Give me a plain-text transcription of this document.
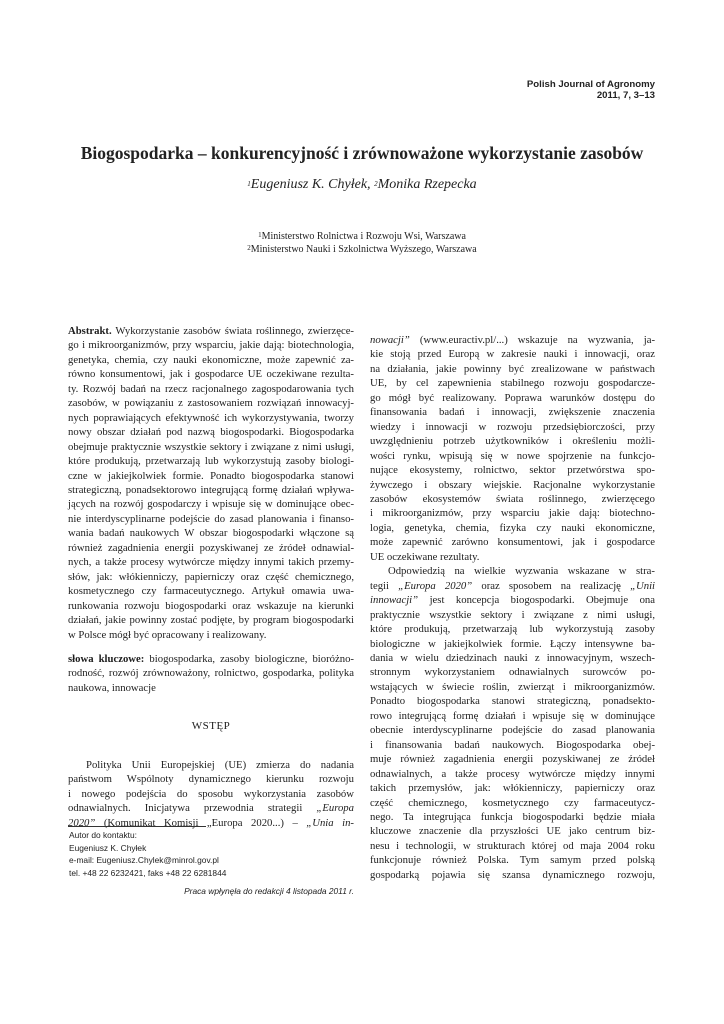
Polish Journal of Agronomy
2011, 7, 3–13
Biogospodarka – konkurencyjność i zrównoważone wykorzystanie zasobów
$^1$Eugeniusz K. Chyłek, $^2$Monika Rzepecka
$^1$Ministerstwo Rolnictwa i Rozwoju Wsi, Warszawa
$^2$Ministerstwo Nauki i Szkolnictwa Wyższego, Warszawa
Abstrakt. Wykorzystanie zasobów świata roślinnego, zwierzęce-
go i mikroorganizmów, przy wsparciu, jakie dają: biotechnologia,
genetyka, chemia, czy nauki ekonomiczne, może zapewnić za-
równo konsumentowi, jak i gospodarce UE oczekiwane rezulta-
ty. Rozwój badań na rzecz racjonalnego zagospodarowania tych
zasobów, w powiązaniu z zastosowaniem rozwiązań innowacyj-
nych poprawiających efektywność ich wykorzystywania, tworzy
nowy obszar działań pod nazwą biogospodarki. Biogospodarka
obejmuje praktycznie wszystkie sektory i związane z nimi usługi,
które produkują, przetwarzają lub wykorzystują zasoby biologi-
czne w jakiejkolwiek formie. Ponadto biogospodarka stanowi
strategiczną, ponadsektorowo integrującą formę działań wpływa-
jących na rozwój gospodarczy i wpisuje się w dominujące obec-
nie interdyscyplinarne podejście do zasad planowania i finanso-
wania badań naukowych W obszar biogospodarki włączone są
również zagadnienia energii pozyskiwanej ze źródeł odnawial-
nych, a także procesy wytwórcze między innymi takich przemy-
słów, jak: włókienniczy, papierniczy oraz część chemicznego,
kosmetycznego czy farmaceutycznego. Artykuł omawia uwa-
runkowania rozwoju biogospodarki oraz wskazuje na kierunki
działań, jakie powinny zostać podjęte, by program biogospodarki
w Polsce mógł być opracowany i realizowany.
słowa kluczowe: biogospodarka, zasoby biologiczne, bioróżno-
rodność, rozwój zrównoważony, rolnictwo, gospodarka, polityka
naukowa, innowacje
WSTĘP
Polityka Unii Europejskiej (UE) zmierza do nadania
państwom Wspólnoty dynamicznego kierunku rozwoju
i nowego podejścia do sposobu wykorzystania zasobów
odnawialnych. Inicjatywa przewodnia strategii „Europa
2020” (Komunikat Komisji „Europa 2020...) – „Unia in-
nowacji” (www.euractiv.pl/...) wskazuje na wyzwania, ja-
kie stoją przed Europą w zakresie nauki i innowacji, oraz
na działania, jakie powinny być zrealizowane w państwach
UE, by cel zapewnienia stabilnego rozwoju gospodarcze-
go mógł być realizowany. Poprawa warunków dostępu do
finansowania badań i innowacji, zwiększenie znaczenia
wiedzy i innowacji w rozwoju przedsiębiorczości, przy
uwzględnieniu potrzeb użytkowników i określeniu możli-
wości rynku, wpisują się w nowe spojrzenie na funkcjo-
nujące ekosystemy, rolnictwo, sektor przetwórstwa spo-
żywczego i obszary wiejskie. Racjonalne wykorzystanie
zasobów ekosystemów świata roślinnego, zwierzęcego
i mikroorganizmów, przy wsparciu jakie dają: biotechno-
logia, genetyka, chemia, fizyka czy nauki ekonomiczne,
może zapewnić zarówno konsumentowi, jak i gospodarce
UE oczekiwane rezultaty.
Odpowiedzią na wielkie wyzwania wskazane w stra-
tegii „Europa 2020” oraz sposobem na realizację „Unii
innowacji” jest koncepcja biogospodarki. Obejmuje ona
praktycznie wszystkie sektory i związane z nimi usługi,
które produkują, przetwarzają lub wykorzystują zasoby
biologiczne w jakiejkolwiek formie. Łączy intensywne ba-
dania w wielu dziedzinach nauki z innowacyjnym, wszech-
stronnym wykorzystaniem odnawialnych surowców po-
wstających w świecie roślin, zwierząt i mikroorganizmów.
Ponadto biogospodarka stanowi strategiczną, ponadsekto-
rowo integrującą formę działań i wpisuje się w dominujące
obecnie interdyscyplinarne podejście do zasad planowania
i finansowania badań naukowych. Biogospodarka obej-
muje również zagadnienia energii pozyskiwanej ze źródeł
odnawialnych, a także procesy wytwórcze między innymi
takich przemysłów, jak: włókienniczy, papierniczy oraz
część chemicznego, kosmetycznego czy farmaceutycz-
nego. Ta integrująca funkcja biogospodarki będzie miała
kluczowe znaczenie dla przyszłości UE jako centrum biz-
nesu i technologii, w strukturach której od maja 2004 roku
funkcjonuje również Polska. Tym samym przed polską
gospodarką pojawia się szansa dynamicznego rozwoju,
Autor do kontaktu:
Eugeniusz K. Chyłek
e-mail: Eugeniusz.Chylek@minrol.gov.pl
tel. +48 22 6232421, faks +48 22 6281844
Praca wpłynęła do redakcji 4 listopada 2011 r.
